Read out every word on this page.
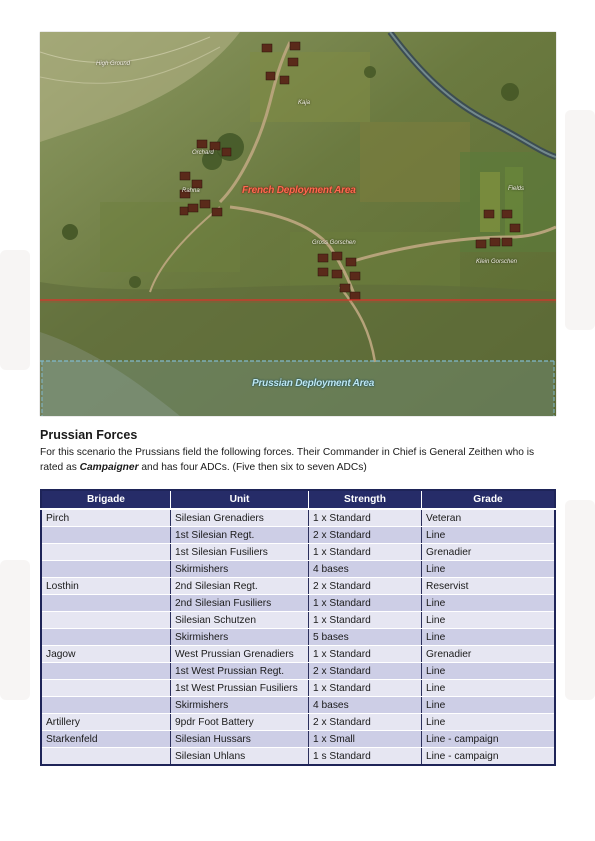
High Ground
Kaja
Orchard
Rahna	French Deployment Area	Fields
Gross Gorschen
Klein Gorschen
Prussian Deployment Area
Prussian Forces

For this scenario the Prussians field the following forces. Their Commander in Chief is General Zeithen who is rated as Campaigner and has four ADCs. (Five then six to seven ADCs)

Brigade	Unit	Strength	Grade
Pirch	Silesian Grenadiers	1 x Standard	Veteran
	1st Silesian Regt.	2 x Standard	Line
	1st Silesian Fusiliers	1 x Standard	Grenadier
	Skirmishers	4 bases	Line
Losthin	2nd Silesian Regt.	2 x Standard	Reservist
	2nd Silesian Fusiliers	1 x Standard	Line
	Silesian Schutzen	1 x Standard	Line
	Skirmishers	5 bases	Line
Jagow	West Prussian Grenadiers	1 x Standard	Grenadier
	1st West Prussian Regt.	2 x Standard	Line
	1st West Prussian Fusiliers	1 x Standard	Line
	Skirmishers	4 bases	Line
Artillery	9pdr Foot Battery	2 x Standard	Line
Starkenfeld	Silesian Hussars	1 x Small	Line - campaign
	Silesian Uhlans	1 s Standard	Line - campaign
